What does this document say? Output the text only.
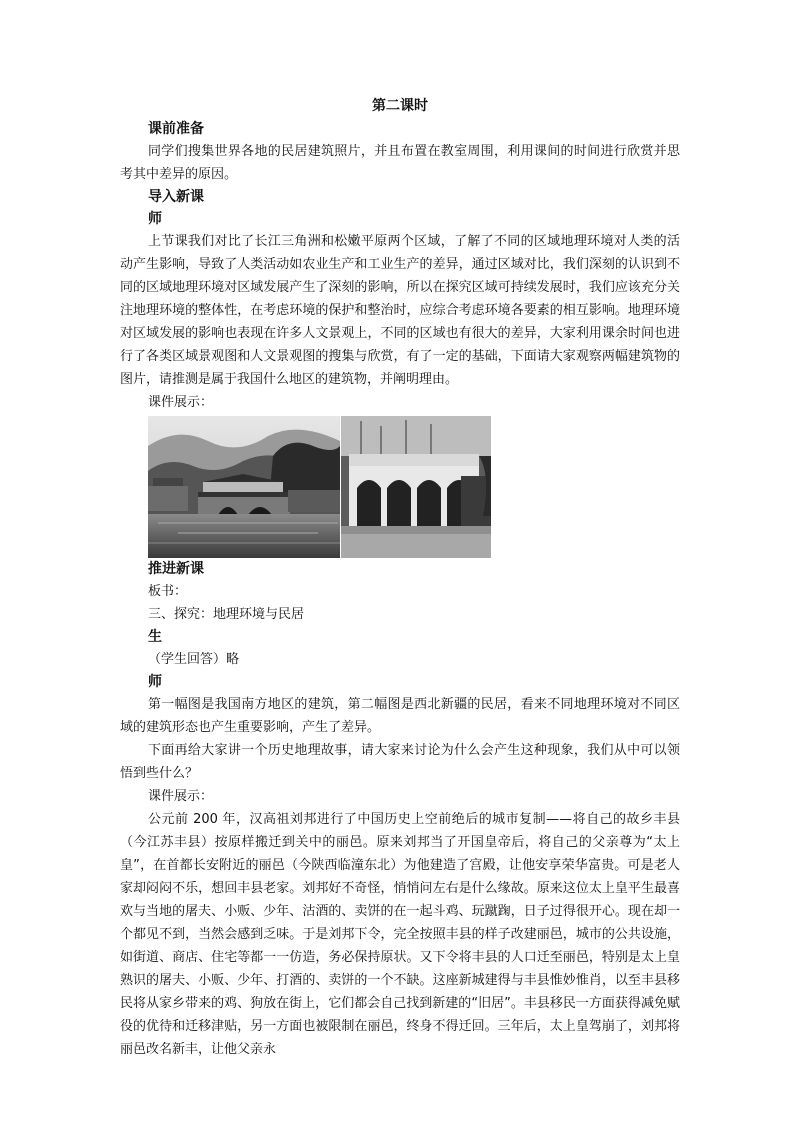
第二课时
课前准备

同学们搜集世界各地的民居建筑照片，并且布置在教室周围，利用课间的时间进行欣赏并思考其中差异的原因。

导入新课
师

上节课我们对比了长江三角洲和松嫩平原两个区域，了解了不同的区域地理环境对人类的活动产生影响，导致了人类活动如农业生产和工业生产的差异，通过区域对比，我们深刻的认识到不同的区域地理环境对区域发展产生了深刻的影响，所以在探究区域可持续发展时，我们应该充分关注地理环境的整体性，在考虑环境的保护和整治时，应综合考虑环境各要素的相互影响。地理环境对区域发展的影响也表现在许多人文景观上，不同的区域也有很大的差异，大家利用课余时间也进行了各类区域景观图和人文景观图的搜集与欣赏，有了一定的基础，下面请大家观察两幅建筑物的图片，请推测是属于我国什么地区的建筑物，并阐明理由。

课件展示：
推进新课
板书：
三、探究：地理环境与民居
生
（学生回答）略
师

第一幅图是我国南方地区的建筑，第二幅图是西北新疆的民居，看来不同地理环境对不同区域的建筑形态也产生重要影响，产生了差异。

下面再给大家讲一个历史地理故事，请大家来讨论为什么会产生这种现象，我们从中可以领悟到些什么？

课件展示：

公元前 200 年，汉高祖刘邦进行了中国历史上空前绝后的城市复制——将自己的故乡丰县（今江苏丰县）按原样搬迁到关中的丽邑。原来刘邦当了开国皇帝后，将自己的父亲尊为“太上皇”，在首都长安附近的丽邑（今陕西临潼东北）为他建造了宫殿，让他安享荣华富贵。可是老人家却闷闷不乐，想回丰县老家。刘邦好不奇怪，悄悄问左右是什么缘故。原来这位太上皇平生最喜欢与当地的屠夫、小贩、少年、沽酒的、卖饼的在一起斗鸡、玩蹴踘，日子过得很开心。现在却一个都见不到，当然会感到乏味。于是刘邦下令，完全按照丰县的样子改建丽邑，城市的公共设施，如街道、商店、住宅等都一一仿造，务必保持原状。又下令将丰县的人口迁至丽邑，特别是太上皇熟识的屠夫、小贩、少年、打酒的、卖饼的一个不缺。这座新城建得与丰县惟妙惟肖，以至丰县移民将从家乡带来的鸡、狗放在街上，它们都会自己找到新建的“旧居”。丰县移民一方面获得减免赋役的优待和迁移津贴，另一方面也被限制在丽邑，终身不得迁回。三年后，太上皇驾崩了，刘邦将丽邑改名新丰，让他父亲永
